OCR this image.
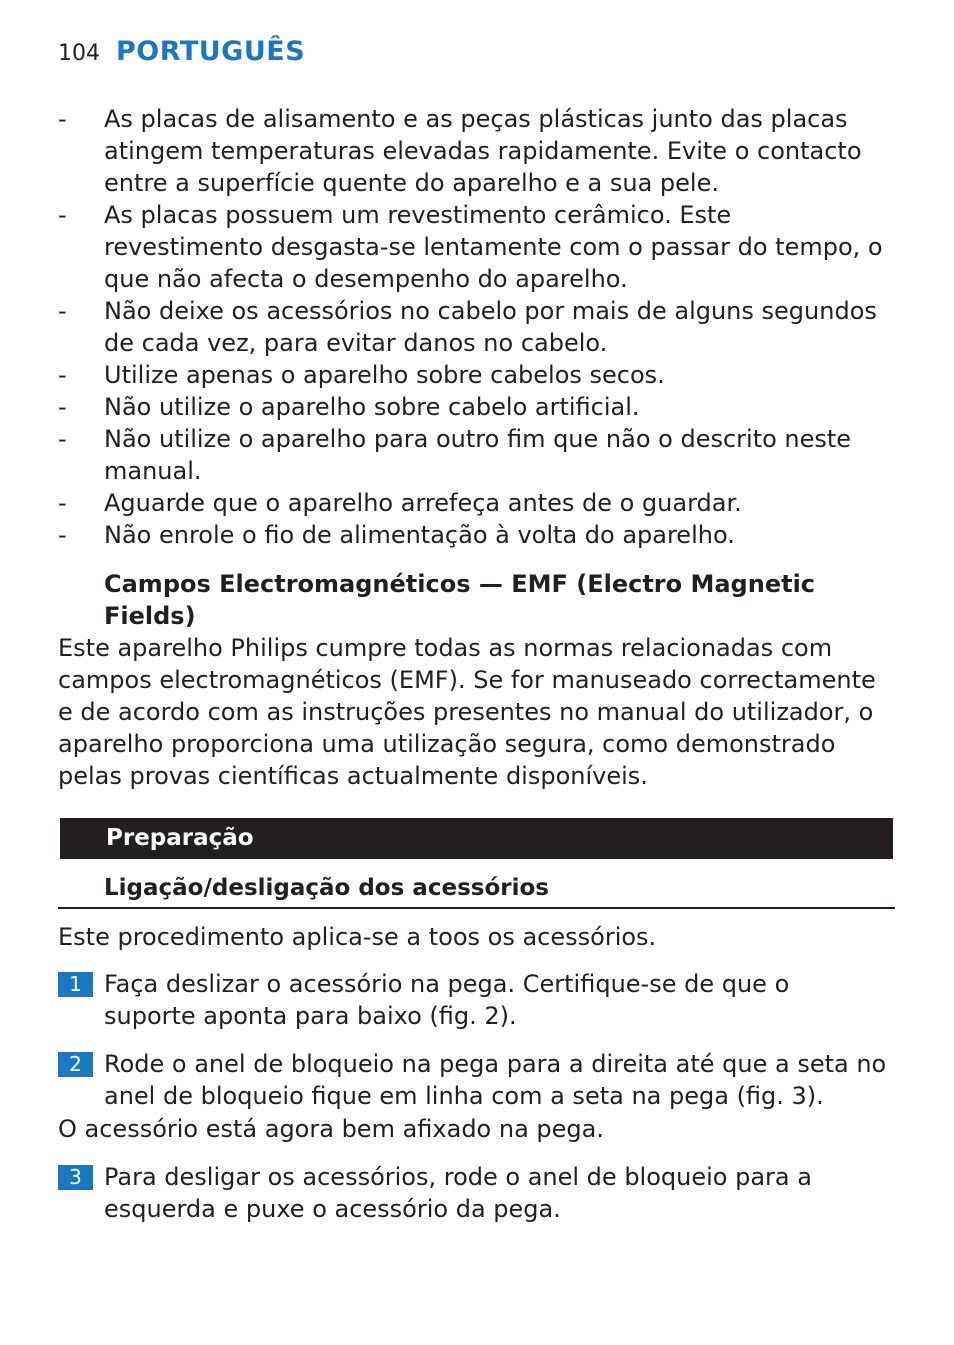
104 PORTUGUÊS
- As placas de alisamento e as peças plásticas junto das placas atingem temperaturas elevadas rapidamente. Evite o contacto entre a superfície quente do aparelho e a sua pele.
- As placas possuem um revestimento cerâmico. Este revestimento desgasta-se lentamente com o passar do tempo, o que não afecta o desempenho do aparelho.
- Não deixe os acessórios no cabelo por mais de alguns segundos de cada vez, para evitar danos no cabelo.
- Utilize apenas o aparelho sobre cabelos secos.
- Não utilize o aparelho sobre cabelo artificial.
- Não utilize o aparelho para outro fim que não o descrito neste manual.
- Aguarde que o aparelho arrefeça antes de o guardar.
- Não enrole o fio de alimentação à volta do aparelho.
Campos Electromagnéticos — EMF (Electro Magnetic Fields)

Este aparelho Philips cumpre todas as normas relacionadas com campos electromagnéticos (EMF). Se for manuseado correctamente e de acordo com as instruções presentes no manual do utilizador, o aparelho proporciona uma utilização segura, como demonstrado pelas provas científicas actualmente disponíveis.

Preparação
Ligação/desligação dos acessórios

Este procedimento aplica-se a toos os acessórios.

1 Faça deslizar o acessório na pega. Certifique-se de que o suporte aponta para baixo (fig. 2).
2 Rode o anel de bloqueio na pega para a direita até que a seta no anel de bloqueio fique em linha com a seta na pega (fig. 3).

O acessório está agora bem afixado na pega.

3 Para desligar os acessórios, rode o anel de bloqueio para a esquerda e puxe o acessório da pega.
